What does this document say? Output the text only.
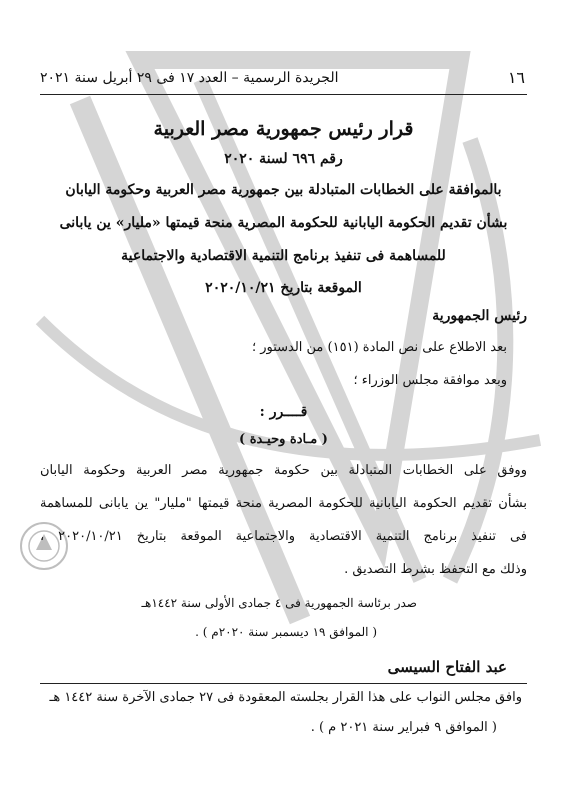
١٦
الجريدة الرسمية – العدد ١٧ فى ٢٩ أبريل سنة ٢٠٢١
قرار رئيس جمهورية مصر العربية
رقم ٦٩٦ لسنة ٢٠٢٠
بالموافقة على الخطابات المتبادلة بين جمهورية مصر العربية وحكومة اليابان
بشأن تقديم الحكومة اليابانية للحكومة المصرية منحة قيمتها «مليار» ين يابانى
للمساهمة فى تنفيذ برنامج التنمية الاقتصادية والاجتماعية
الموقعة بتاريخ ٢٠٢٠/١٠/٢١
رئيس الجمهورية
بعد الاطلاع على نص المادة (١٥١) من الدستور ؛
وبعد موافقة مجلس الوزراء ؛
قــــرر :
( مـادة وحيـدة )
ووفق على الخطابات المتبادلة بين حكومة جمهورية مصر العربية وحكومة اليابان
بشأن تقديم الحكومة اليابانية للحكومة المصرية منحة قيمتها "مليار" ين يابانى للمساهمة
فى تنفيذ برنامج التنمية الاقتصادية والاجتماعية الموقعة بتاريخ ٢٠٢٠/١٠/٢١ ،
وذلك مع التحفظ بشرط التصديق .
صدر برئاسة الجمهورية فى ٤ جمادى الأولى سنة ١٤٤٢هـ
( الموافق ١٩ ديسمبر سنة ٢٠٢٠م ) .
عبد الفتاح السيسى
وافق مجلس النواب على هذا القرار بجلسته المعقودة فى ٢٧ جمادى الآخرة سنة ١٤٤٢ هـ
( الموافق ٩ فبراير سنة ٢٠٢١ م ) .
